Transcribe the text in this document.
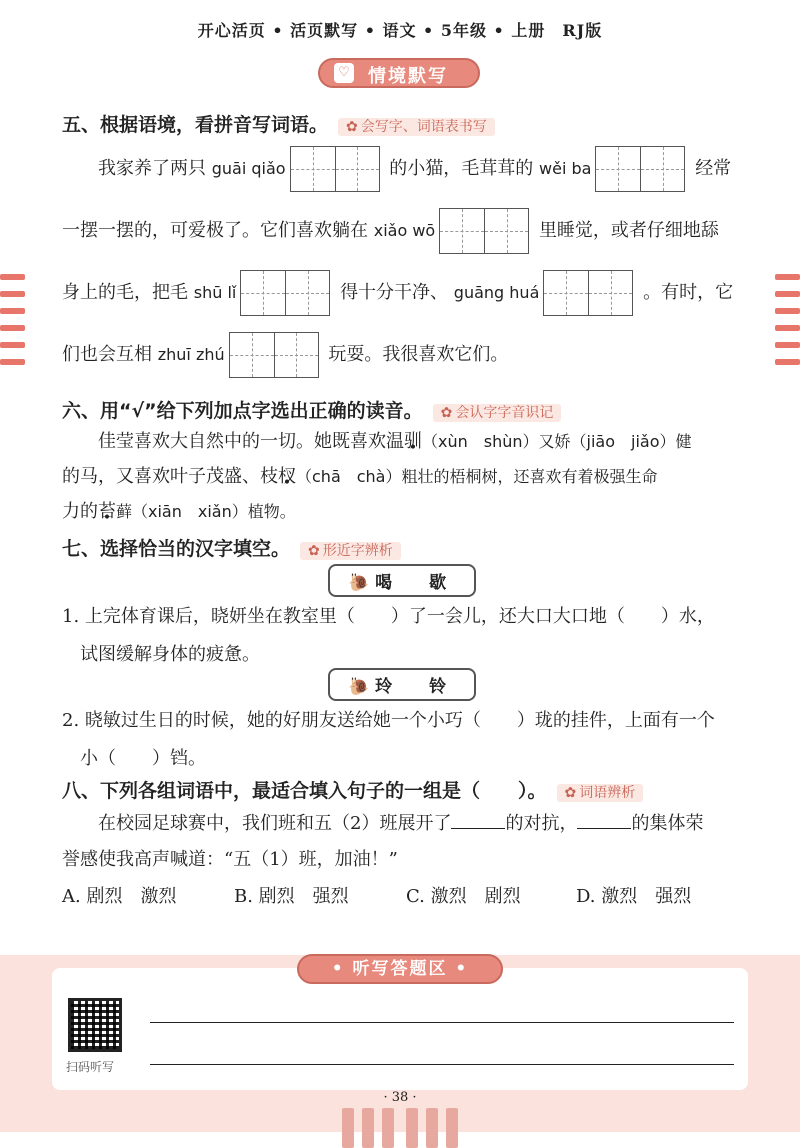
开心活页 • 活页默写 • 语文 • 5年级 • 上册　RJ版
♡ 情境默写
五、根据语境，看拼音写词语。 ✿ 会写字、词语表书写
我家养了两只 guāi qiǎo	的小猫，毛茸茸的 wěi ba	经常
一摆一摆的，可爱极了。它们喜欢躺在 xiǎo wō	里睡觉，或者仔细地舔
身上的毛，把毛 shū lǐ	得十分干净、 guāng huá	。有时，它
们也会互相 zhuī zhú	玩耍。我很喜欢它们。
六、用“√”给下列加点字选出正确的读音。 ✿ 会认字字音识记
佳莹喜欢大自然中的一切。她既喜欢温驯（xùn　shùn）又娇（jiāo　jiǎo）健
的马，又喜欢叶子茂盛、枝杈（chā　chà）粗壮的梧桐树，还喜欢有着极强生命
力的苔藓（xiān　xiǎn）植物。
七、选择恰当的汉字填空。 ✿ 形近字辨析
🐌 喝　歇
1. 上完体育课后，晓妍坐在教室里（　　）了一会儿，还大口大口地（　　）水，
试图缓解身体的疲惫。
🐌 玲　铃
2. 晓敏过生日的时候，她的好朋友送给她一个小巧（　　）珑的挂件，上面有一个
小（　　）铛。
八、下列各组词语中，最适合填入句子的一组是（　　）。 ✿ 词语辨析
在校园足球赛中，我们班和五（2）班展开了	的对抗，	的集体荣
誉感使我高声喊道：“五（1）班，加油！”
A. 剧烈　激烈	B. 剧烈　强烈	C. 激烈　剧烈	D. 激烈　强烈
• 听写答题区 •
扫码听写
· 38 ·
